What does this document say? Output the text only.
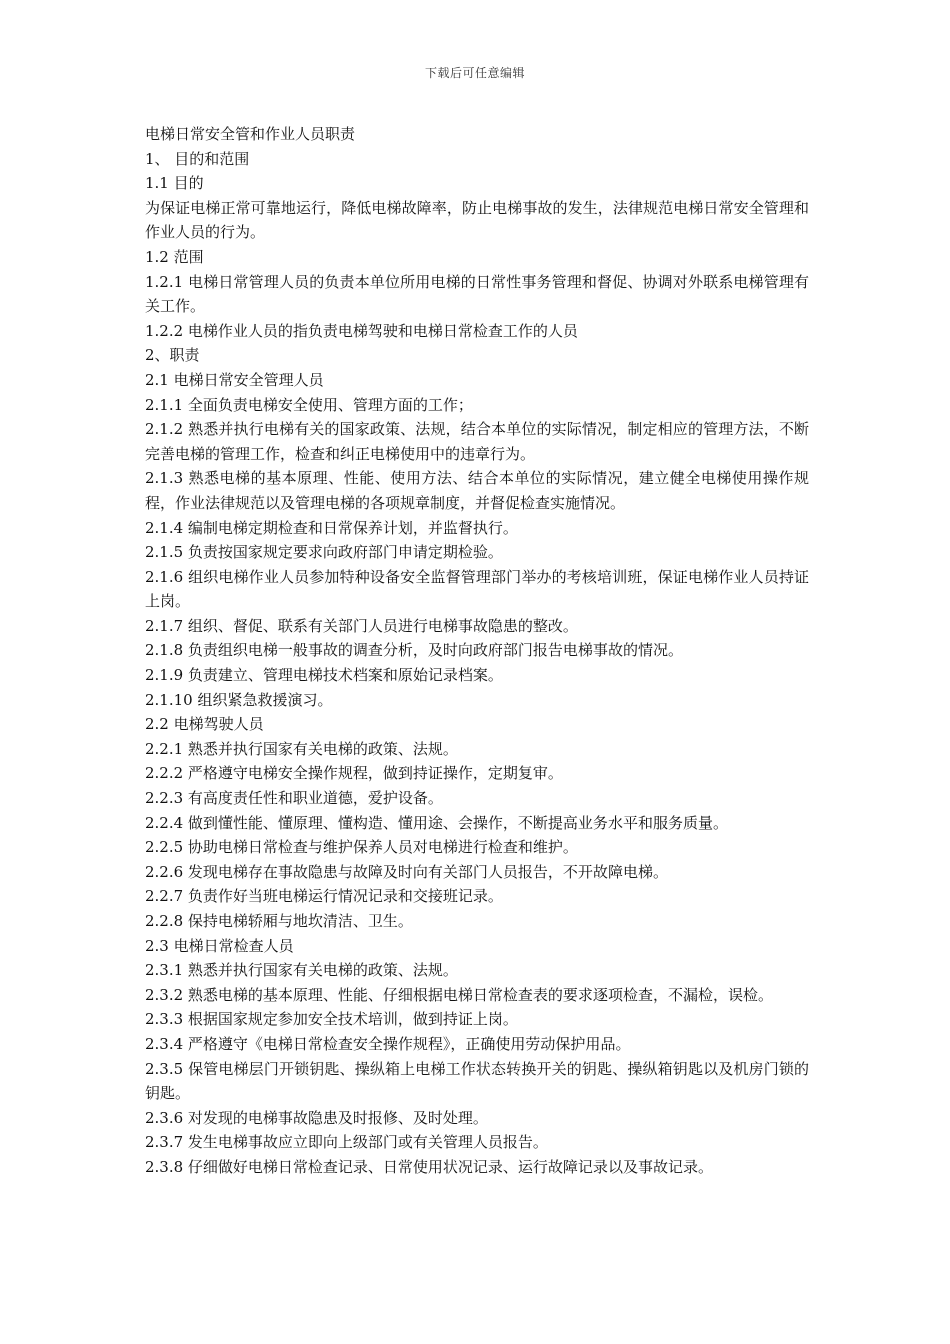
下载后可任意编辑

电梯日常安全管和作业人员职责

1、 目的和范围

1.1 目的

为保证电梯正常可靠地运行，降低电梯故障率，防止电梯事故的发生，法律规范电梯日常安全管理和作业人员的行为。

1.2 范围

1.2.1 电梯日常管理人员的负责本单位所用电梯的日常性事务管理和督促、协调对外联系电梯管理有关工作。

1.2.2 电梯作业人员的指负责电梯驾驶和电梯日常检查工作的人员

2、职责

2.1 电梯日常安全管理人员

2.1.1 全面负责电梯安全使用、管理方面的工作；

2.1.2 熟悉并执行电梯有关的国家政策、法规，结合本单位的实际情况，制定相应的管理方法，不断完善电梯的管理工作，检查和纠正电梯使用中的违章行为。

2.1.3 熟悉电梯的基本原理、性能、使用方法、结合本单位的实际情况，建立健全电梯使用操作规程，作业法律规范以及管理电梯的各项规章制度，并督促检查实施情况。

2.1.4 编制电梯定期检查和日常保养计划，并监督执行。

2.1.5 负责按国家规定要求向政府部门申请定期检验。

2.1.6 组织电梯作业人员参加特种设备安全监督管理部门举办的考核培训班，保证电梯作业人员持证上岗。

2.1.7 组织、督促、联系有关部门人员进行电梯事故隐患的整改。

2.1.8 负责组织电梯一般事故的调查分析，及时向政府部门报告电梯事故的情况。

2.1.9 负责建立、管理电梯技术档案和原始记录档案。

2.1.10 组织紧急救援演习。

2.2 电梯驾驶人员

2.2.1 熟悉并执行国家有关电梯的政策、法规。

2.2.2 严格遵守电梯安全操作规程，做到持证操作，定期复审。

2.2.3 有高度责任性和职业道德，爱护设备。

2.2.4 做到懂性能、懂原理、懂构造、懂用途、会操作，不断提高业务水平和服务质量。

2.2.5 协助电梯日常检查与维护保养人员对电梯进行检查和维护。

2.2.6 发现电梯存在事故隐患与故障及时向有关部门人员报告，不开故障电梯。

2.2.7 负责作好当班电梯运行情况记录和交接班记录。

2.2.8 保持电梯轿厢与地坎清洁、卫生。

2.3 电梯日常检查人员

2.3.1 熟悉并执行国家有关电梯的政策、法规。

2.3.2 熟悉电梯的基本原理、性能、仔细根据电梯日常检查表的要求逐项检查，不漏检，误检。

2.3.3 根据国家规定参加安全技术培训，做到持证上岗。

2.3.4 严格遵守《电梯日常检查安全操作规程》，正确使用劳动保护用品。

2.3.5 保管电梯层门开锁钥匙、操纵箱上电梯工作状态转换开关的钥匙、操纵箱钥匙以及机房门锁的钥匙。

2.3.6 对发现的电梯事故隐患及时报修、及时处理。

2.3.7 发生电梯事故应立即向上级部门或有关管理人员报告。

2.3.8 仔细做好电梯日常检查记录、日常使用状况记录、运行故障记录以及事故记录。
